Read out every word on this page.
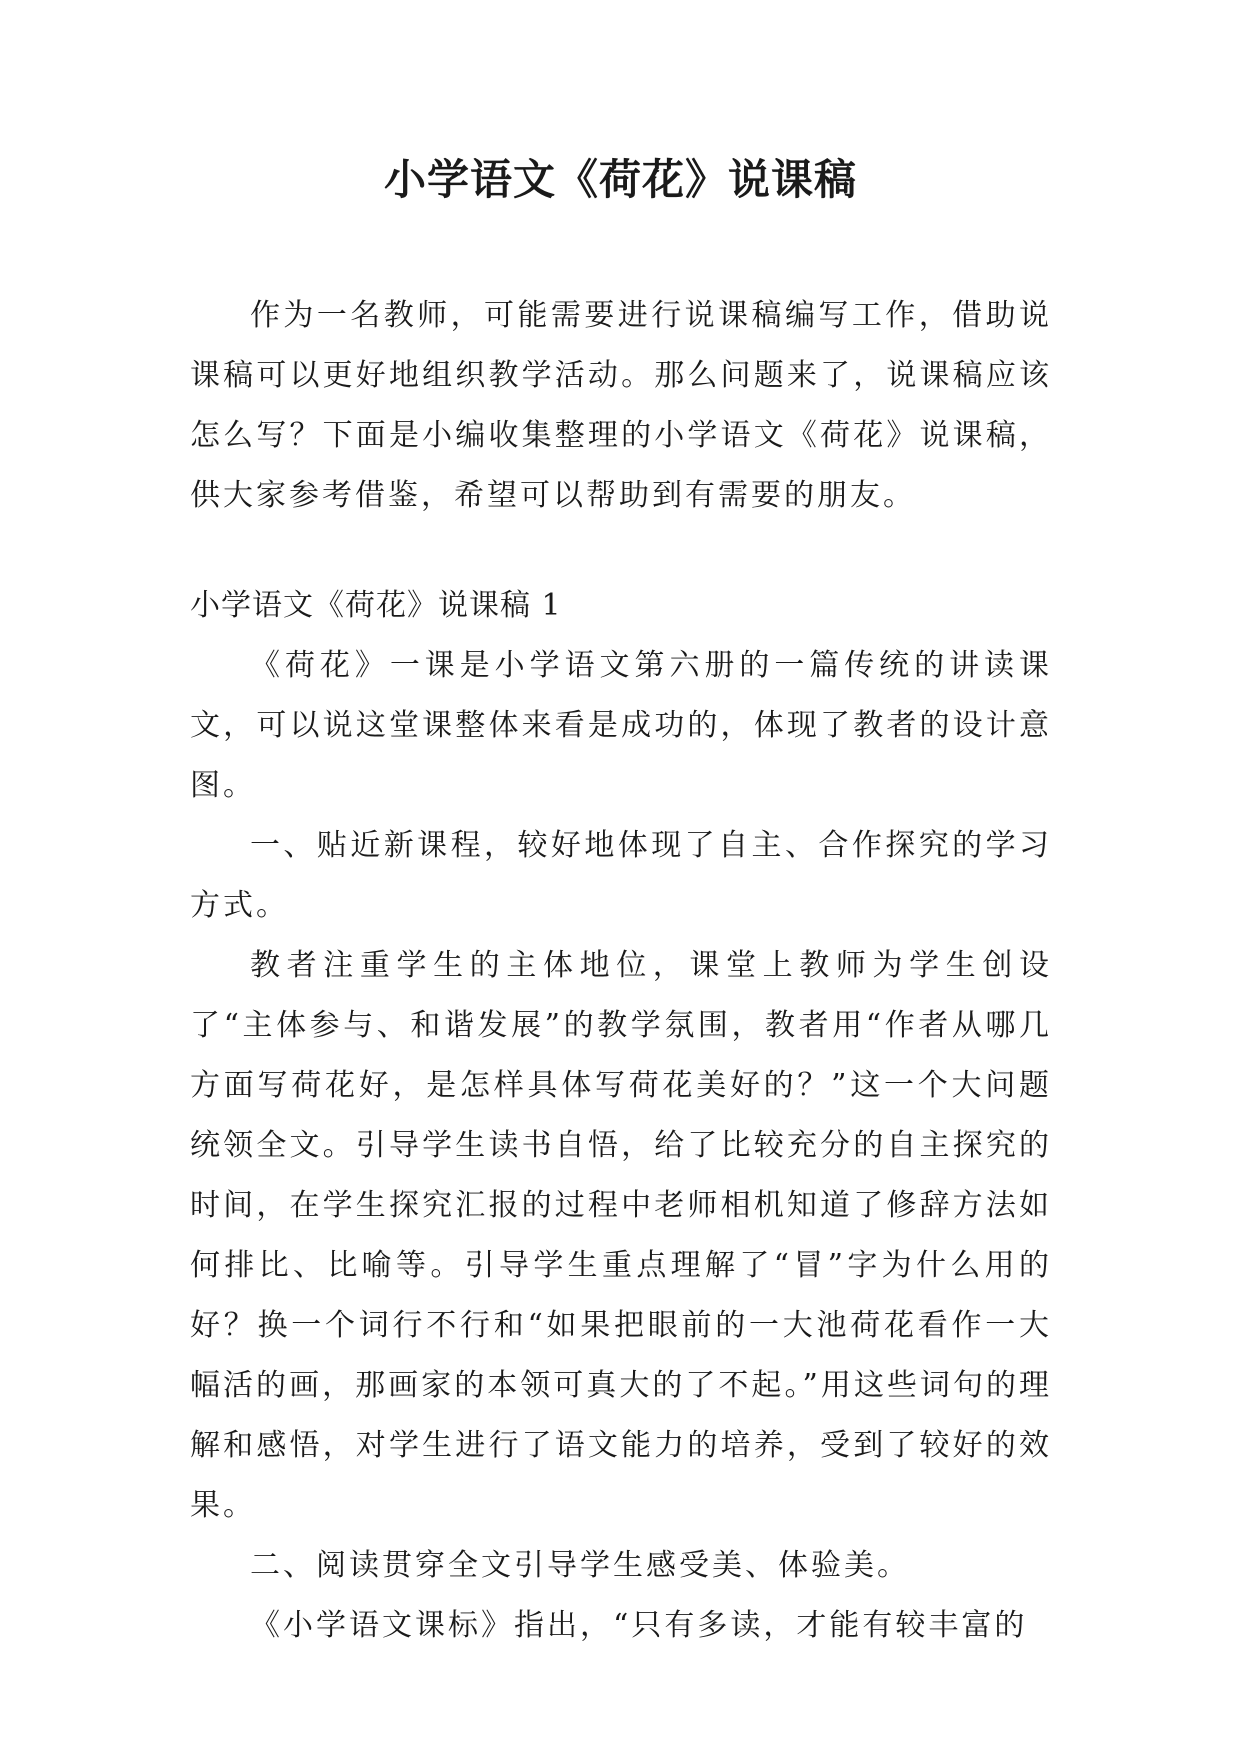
小学语文《荷花》说课稿

作为一名教师，可能需要进行说课稿编写工作，借助说课稿可以更好地组织教学活动。那么问题来了，说课稿应该怎么写？下面是小编收集整理的小学语文《荷花》说课稿，供大家参考借鉴，希望可以帮助到有需要的朋友。

小学语文《荷花》说课稿 1

《荷花》一课是小学语文第六册的一篇传统的讲读课文，可以说这堂课整体来看是成功的，体现了教者的设计意图。

一、贴近新课程，较好地体现了自主、合作探究的学习方式。

教者注重学生的主体地位，课堂上教师为学生创设了“主体参与、和谐发展”的教学氛围，教者用“作者从哪几方面写荷花好，是怎样具体写荷花美好的？”这一个大问题统领全文。引导学生读书自悟，给了比较充分的自主探究的时间，在学生探究汇报的过程中老师相机知道了修辞方法如何排比、比喻等。引导学生重点理解了“冒”字为什么用的好？换一个词行不行和“如果把眼前的一大池荷花看作一大幅活的画，那画家的本领可真大的了不起。”用这些词句的理解和感悟，对学生进行了语文能力的培养，受到了较好的效果。

二、阅读贯穿全文引导学生感受美、体验美。

《小学语文课标》指出，“只有多读，才能有较丰富的
